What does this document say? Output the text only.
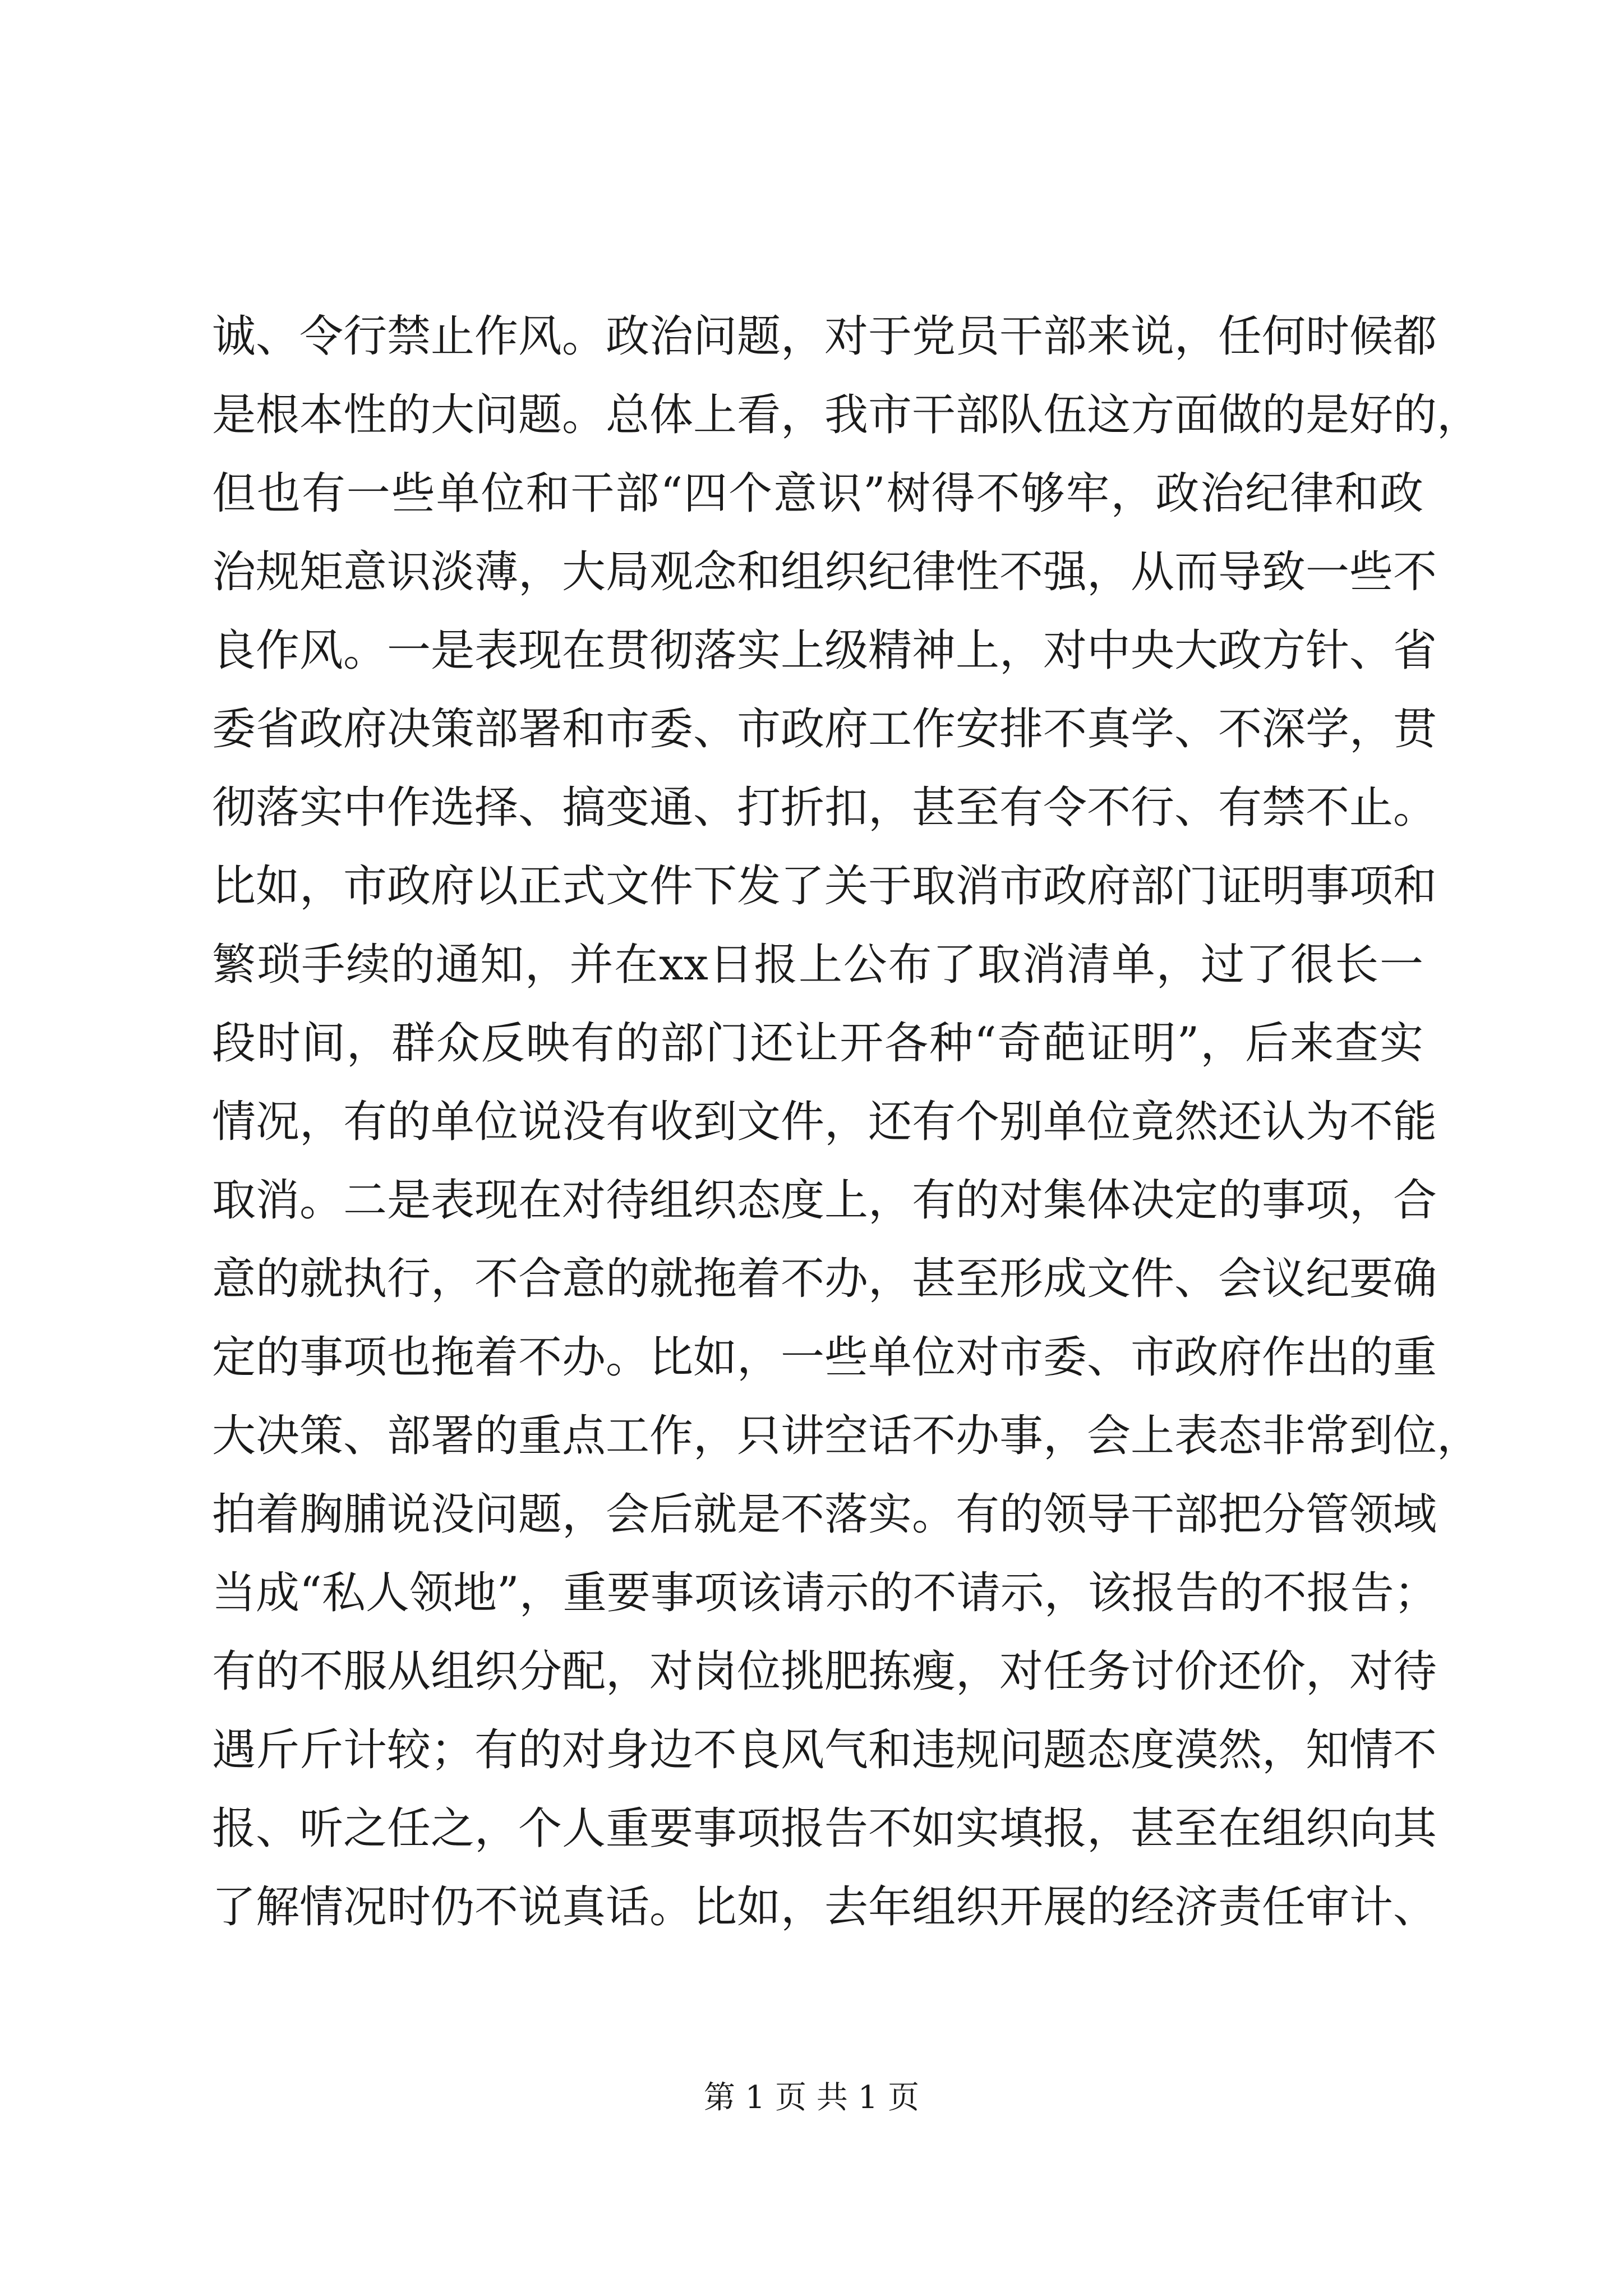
诚、令行禁止作风。政治问题，对于党员干部来说，任何时候都
是根本性的大问题。总体上看，我市干部队伍这方面做的是好的，
但也有一些单位和干部“四个意识”树得不够牢，政治纪律和政
治规矩意识淡薄，大局观念和组织纪律性不强，从而导致一些不
良作风。一是表现在贯彻落实上级精神上，对中央大政方针、省
委省政府决策部署和市委、市政府工作安排不真学、不深学，贯
彻落实中作选择、搞变通、打折扣，甚至有令不行、有禁不止。
比如，市政府以正式文件下发了关于取消市政府部门证明事项和
繁琐手续的通知，并在xx日报上公布了取消清单，过了很长一
段时间，群众反映有的部门还让开各种“奇葩证明”，后来查实
情况，有的单位说没有收到文件，还有个别单位竟然还认为不能
取消。二是表现在对待组织态度上，有的对集体决定的事项，合
意的就执行，不合意的就拖着不办，甚至形成文件、会议纪要确
定的事项也拖着不办。比如，一些单位对市委、市政府作出的重
大决策、部署的重点工作，只讲空话不办事，会上表态非常到位，
拍着胸脯说没问题，会后就是不落实。有的领导干部把分管领域
当成“私人领地”，重要事项该请示的不请示，该报告的不报告；
有的不服从组织分配，对岗位挑肥拣瘦，对任务讨价还价，对待
遇斤斤计较；有的对身边不良风气和违规问题态度漠然，知情不
报、听之任之，个人重要事项报告不如实填报，甚至在组织向其
了解情况时仍不说真话。比如，去年组织开展的经济责任审计、
第 1 页 共 1 页
